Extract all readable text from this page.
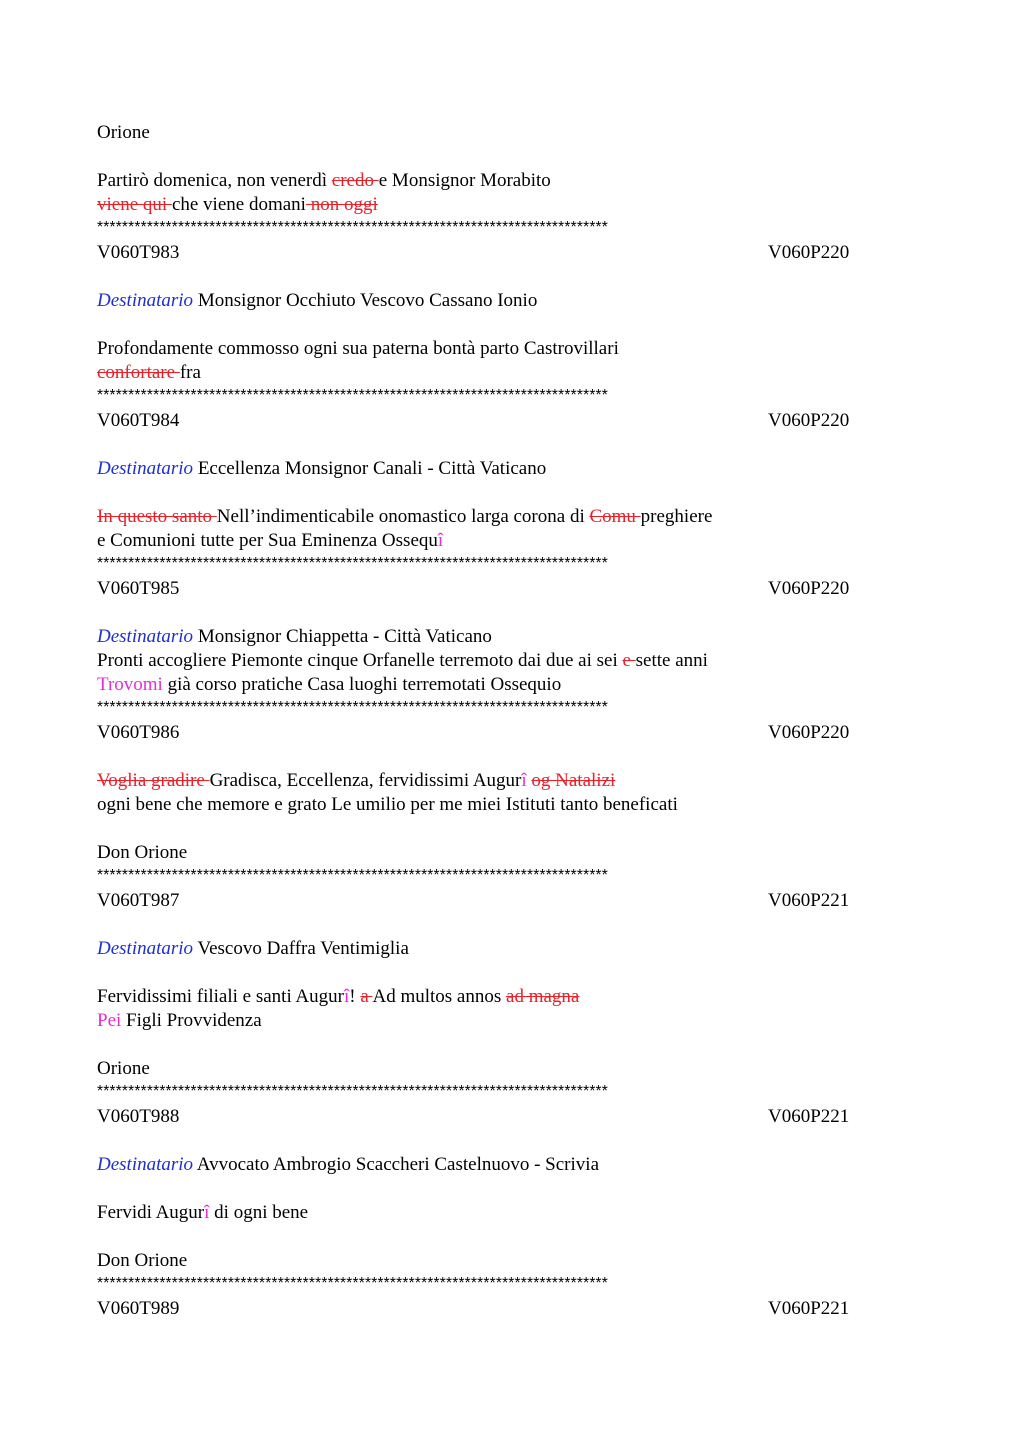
Orione
Partirò domenica, non venerdì credo e Monsignor Morabito
viene qui che viene domani non oggi
**********************************************************************************
V060T983	V060P220
Destinatario Monsignor Occhiuto Vescovo Cassano Ionio
Profondamente commosso ogni sua paterna bontà parto Castrovillari
confortare fra
**********************************************************************************
V060T984	V060P220
Destinatario Eccellenza Monsignor Canali - Città Vaticano
In questo santo Nell’indimenticabile onomastico larga corona di Comu preghiere
e Comunioni tutte per Sua Eminenza Ossequî
**********************************************************************************
V060T985	V060P220
Destinatario Monsignor Chiappetta - Città Vaticano
Pronti accogliere Piemonte cinque Orfanelle terremoto dai due ai sei e sette anni
Trovomi già corso pratiche Casa luoghi terremotati Ossequio
**********************************************************************************
V060T986	V060P220
Voglia gradire Gradisca, Eccellenza, fervidissimi Augurî og Natalizi
ogni bene che memore e grato Le umilio per me miei Istituti tanto beneficati
Don Orione
**********************************************************************************
V060T987	V060P221
Destinatario Vescovo Daffra Ventimiglia
Fervidissimi filiali e santi Augurî! a Ad multos annos ad magna
Pei Figli Provvidenza
Orione
**********************************************************************************
V060T988	V060P221
Destinatario Avvocato Ambrogio Scaccheri Castelnuovo - Scrivia
Fervidi Augurî di ogni bene
Don Orione
**********************************************************************************
V060T989	V060P221
